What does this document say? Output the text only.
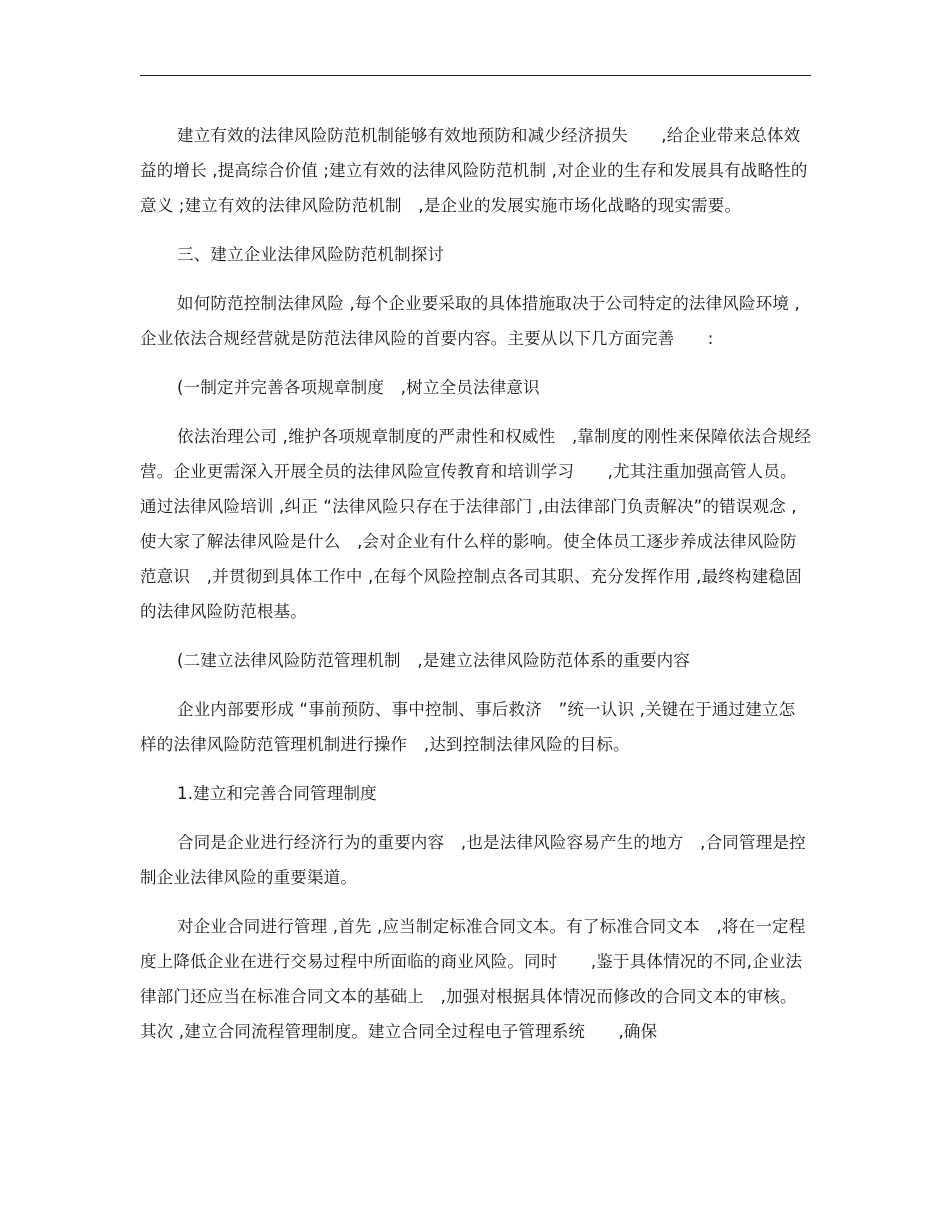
建立有效的法律风险防范机制能够有效地预防和减少经济损失　　,给企业带来总体效益的增长 ,提高综合价值 ;建立有效的法律风险防范机制 ,对企业的生存和发展具有战略性的意义 ;建立有效的法律风险防范机制　,是企业的发展实施市场化战略的现实需要。

三、建立企业法律风险防范机制探讨

如何防范控制法律风险 ,每个企业要采取的具体措施取决于公司特定的法律风险环境 ,企业依法合规经营就是防范法律风险的首要内容。主要从以下几方面完善　　:

(一制定并完善各项规章制度　,树立全员法律意识

依法治理公司 ,维护各项规章制度的严肃性和权威性　,靠制度的刚性来保障依法合规经营。企业更需深入开展全员的法律风险宣传教育和培训学习　　,尤其注重加强高管人员。通过法律风险培训 ,纠正 “法律风险只存在于法律部门 ,由法律部门负责解决”的错误观念 ,使大家了解法律风险是什么　,会对企业有什么样的影响。使全体员工逐步养成法律风险防范意识　,并贯彻到具体工作中 ,在每个风险控制点各司其职、充分发挥作用 ,最终构建稳固的法律风险防范根基。

(二建立法律风险防范管理机制　,是建立法律风险防范体系的重要内容

企业内部要形成 “事前预防、事中控制、事后救济　”统一认识 ,关键在于通过建立怎样的法律风险防范管理机制进行操作　,达到控制法律风险的目标。

1.建立和完善合同管理制度

合同是企业进行经济行为的重要内容　,也是法律风险容易产生的地方　,合同管理是控制企业法律风险的重要渠道。

对企业合同进行管理 ,首先 ,应当制定标准合同文本。有了标准合同文本　,将在一定程度上降低企业在进行交易过程中所面临的商业风险。同时　　,鉴于具体情况的不同,企业法律部门还应当在标准合同文本的基础上　,加强对根据具体情况而修改的合同文本的审核。其次 ,建立合同流程管理制度。建立合同全过程电子管理系统　　,确保
